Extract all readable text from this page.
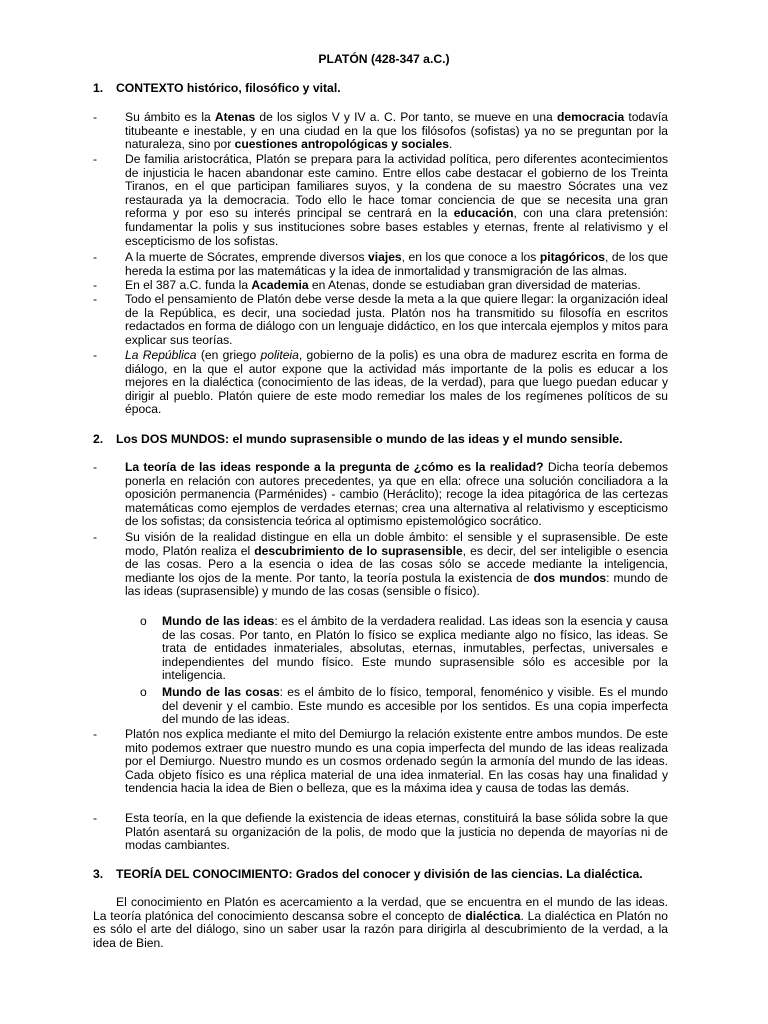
PLATÓN (428-347 a.C.)
1. CONTEXTO histórico, filosófico y vital.
- Su ámbito es la Atenas de los siglos V y IV a. C. Por tanto, se mueve en una democracia todavía titubeante e inestable, y en una ciudad en la que los filósofos (sofistas) ya no se preguntan por la naturaleza, sino por cuestiones antropológicas y sociales.

- De familia aristocrática, Platón se prepara para la actividad política, pero diferentes acontecimientos de injusticia le hacen abandonar este camino. Entre ellos cabe destacar el gobierno de los Treinta Tiranos, en el que participan familiares suyos, y la condena de su maestro Sócrates una vez restaurada ya la democracia. Todo ello le hace tomar conciencia de que se necesita una gran reforma y por eso su interés principal se centrará en la educación, con una clara pretensión: fundamentar la polis y sus instituciones sobre bases estables y eternas, frente al relativismo y el escepticismo de los sofistas.

- A la muerte de Sócrates, emprende diversos viajes, en los que conoce a los pitagóricos, de los que hereda la estima por las matemáticas y la idea de inmortalidad y transmigración de las almas.

- En el 387 a.C. funda la Academia en Atenas, donde se estudiaban gran diversidad de materias.

- Todo el pensamiento de Platón debe verse desde la meta a la que quiere llegar: la organización ideal de la República, es decir, una sociedad justa. Platón nos ha transmitido su filosofía en escritos redactados en forma de diálogo con un lenguaje didáctico, en los que intercala ejemplos y mitos para explicar sus teorías.

- La República (en griego politeia, gobierno de la polis) es una obra de madurez escrita en forma de diálogo, en la que el autor expone que la actividad más importante de la polis es educar a los mejores en la dialéctica (conocimiento de las ideas, de la verdad), para que luego puedan educar y dirigir al pueblo. Platón quiere de este modo remediar los males de los regímenes políticos de su época.

2. Los DOS MUNDOS: el mundo suprasensible o mundo de las ideas y el mundo sensible.
- La teoría de las ideas responde a la pregunta de ¿cómo es la realidad? Dicha teoría debemos ponerla en relación con autores precedentes, ya que en ella: ofrece una solución conciliadora a la oposición permanencia (Parménides) - cambio (Heráclito); recoge la idea pitagórica de las certezas matemáticas como ejemplos de verdades eternas; crea una alternativa al relativismo y escepticismo de los sofistas; da consistencia teórica al optimismo epistemológico socrático.

- Su visión de la realidad distingue en ella un doble ámbito: el sensible y el suprasensible. De este modo, Platón realiza el descubrimiento de lo suprasensible, es decir, del ser inteligible o esencia de las cosas. Pero a la esencia o idea de las cosas sólo se accede mediante la inteligencia, mediante los ojos de la mente. Por tanto, la teoría postula la existencia de dos mundos: mundo de las ideas (suprasensible) y mundo de las cosas (sensible o físico).

o Mundo de las ideas: es el ámbito de la verdadera realidad. Las ideas son la esencia y causa de las cosas. Por tanto, en Platón lo físico se explica mediante algo no físico, las ideas. Se trata de entidades inmateriales, absolutas, eternas, inmutables, perfectas, universales e independientes del mundo físico. Este mundo suprasensible sólo es accesible por la inteligencia.

o Mundo de las cosas: es el ámbito de lo físico, temporal, fenoménico y visible. Es el mundo del devenir y el cambio. Este mundo es accesible por los sentidos. Es una copia imperfecta del mundo de las ideas.

- Platón nos explica mediante el mito del Demiurgo la relación existente entre ambos mundos. De este mito podemos extraer que nuestro mundo es una copia imperfecta del mundo de las ideas realizada por el Demiurgo. Nuestro mundo es un cosmos ordenado según la armonía del mundo de las ideas. Cada objeto físico es una réplica material de una idea inmaterial. En las cosas hay una finalidad y tendencia hacia la idea de Bien o belleza, que es la máxima idea y causa de todas las demás.

- Esta teoría, en la que defiende la existencia de ideas eternas, constituirá la base sólida sobre la que Platón asentará su organización de la polis, de modo que la justicia no dependa de mayorías ni de modas cambiantes.

3. TEORÍA DEL CONOCIMIENTO: Grados del conocer y división de las ciencias. La dialéctica.

El conocimiento en Platón es acercamiento a la verdad, que se encuentra en el mundo de las ideas. La teoría platónica del conocimiento descansa sobre el concepto de dialéctica. La dialéctica en Platón no es sólo el arte del diálogo, sino un saber usar la razón para dirigirla al descubrimiento de la verdad, a la idea de Bien.
